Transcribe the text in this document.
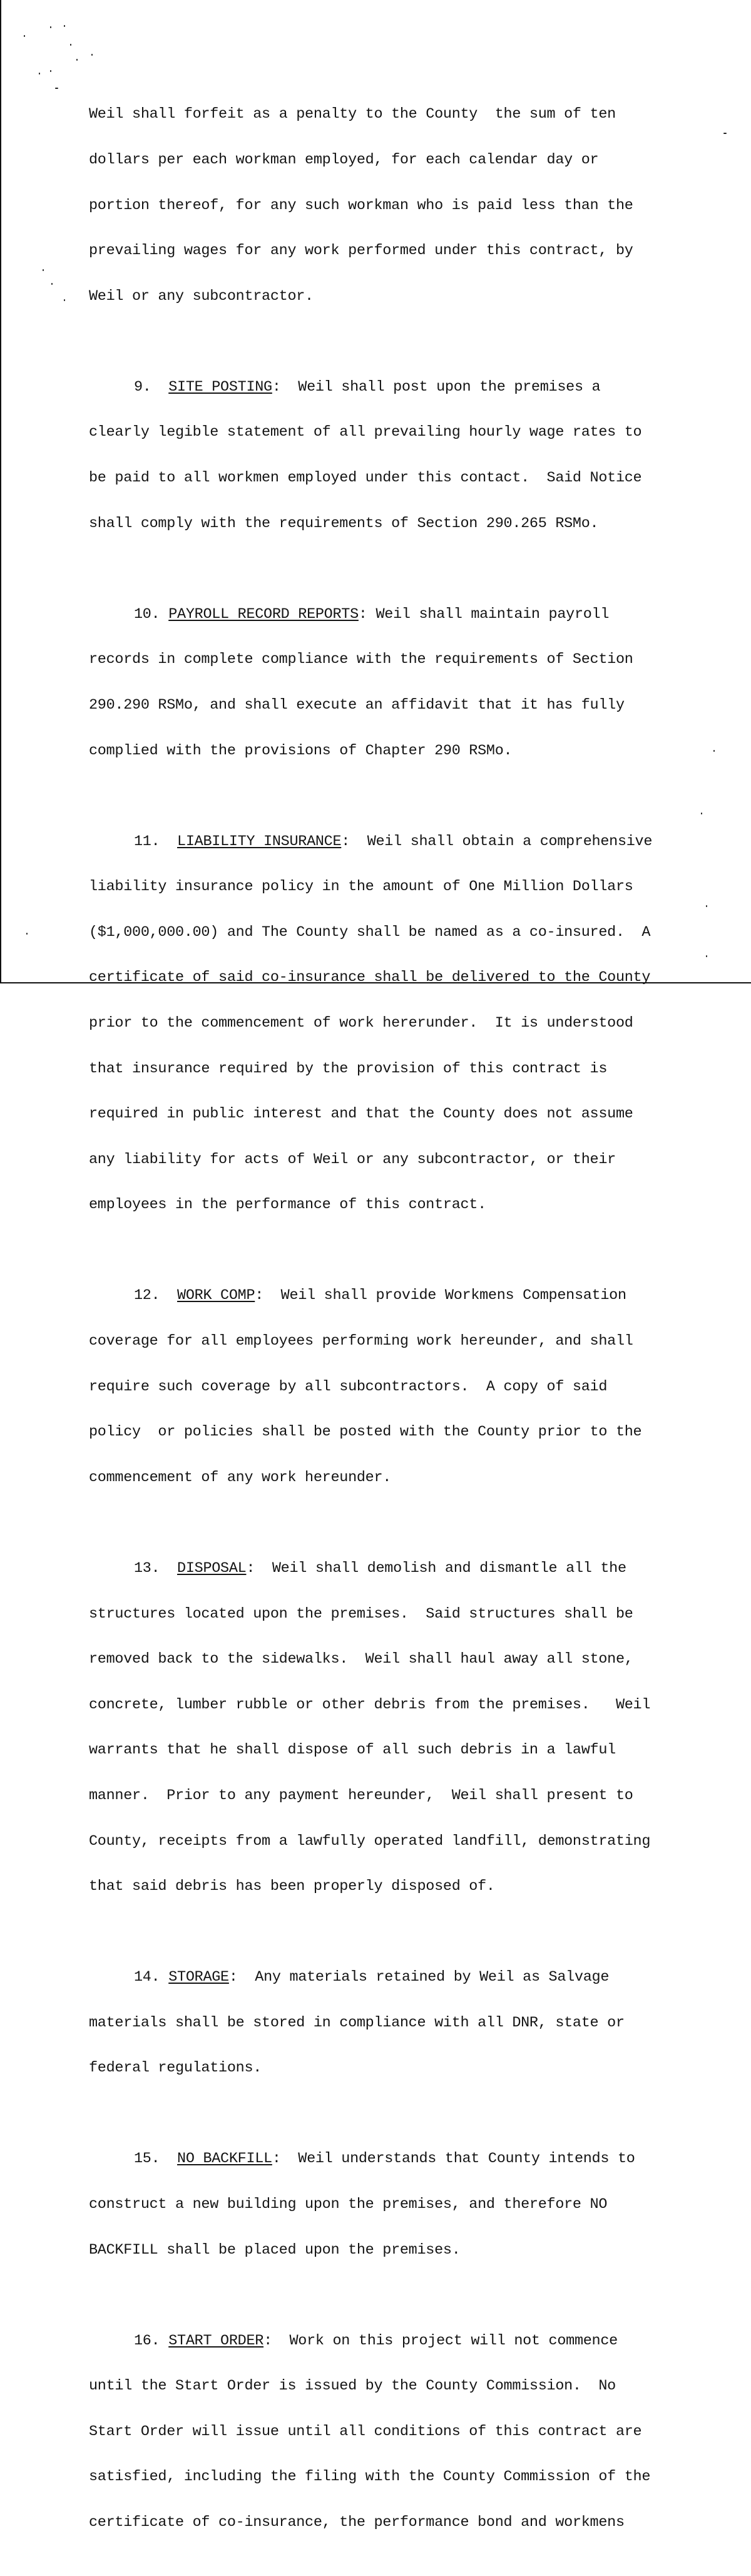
Weil shall forfeit as a penalty to the County  the sum of ten

dollars per each workman employed, for each calendar day or

portion thereof, for any such workman who is paid less than the

prevailing wages for any work performed under this contract, by

Weil or any subcontractor.

9. SITE POSTING:  Weil shall post upon the premises a

clearly legible statement of all prevailing hourly wage rates to

be paid to all workmen employed under this contact.  Said Notice

shall comply with the requirements of Section 290.265 RSMo.

10. PAYROLL RECORD REPORTS: Weil shall maintain payroll

records in complete compliance with the requirements of Section

290.290 RSMo, and shall execute an affidavit that it has fully

complied with the provisions of Chapter 290 RSMo.

11. LIABILITY INSURANCE:  Weil shall obtain a comprehensive

liability insurance policy in the amount of One Million Dollars

($1,000,000.00) and The County shall be named as a co-insured.  A

certificate of said co-insurance shall be delivered to the County

prior to the commencement of work hererunder.  It is understood

that insurance required by the provision of this contract is

required in public interest and that the County does not assume

any liability for acts of Weil or any subcontractor, or their

employees in the performance of this contract.

12. WORK COMP:  Weil shall provide Workmens Compensation

coverage for all employees performing work hereunder, and shall

require such coverage by all subcontractors.  A copy of said

policy  or policies shall be posted with the County prior to the

commencement of any work hereunder.

13. DISPOSAL:  Weil shall demolish and dismantle all the

structures located upon the premises.  Said structures shall be

removed back to the sidewalks.  Weil shall haul away all stone,

concrete, lumber rubble or other debris from the premises.   Weil

warrants that he shall dispose of all such debris in a lawful

manner.  Prior to any payment hereunder,  Weil shall present to

County, receipts from a lawfully operated landfill, demonstrating

that said debris has been properly disposed of.

14. STORAGE:  Any materials retained by Weil as Salvage

materials shall be stored in compliance with all DNR, state or

federal regulations.

15. NO BACKFILL:  Weil understands that County intends to

construct a new building upon the premises, and therefore NO

BACKFILL shall be placed upon the premises.

16. START ORDER:  Work on this project will not commence

until the Start Order is issued by the County Commission.  No

Start Order will issue until all conditions of this contract are

satisfied, including the filing with the County Commission of the

certificate of co-insurance, the performance bond and workmens
